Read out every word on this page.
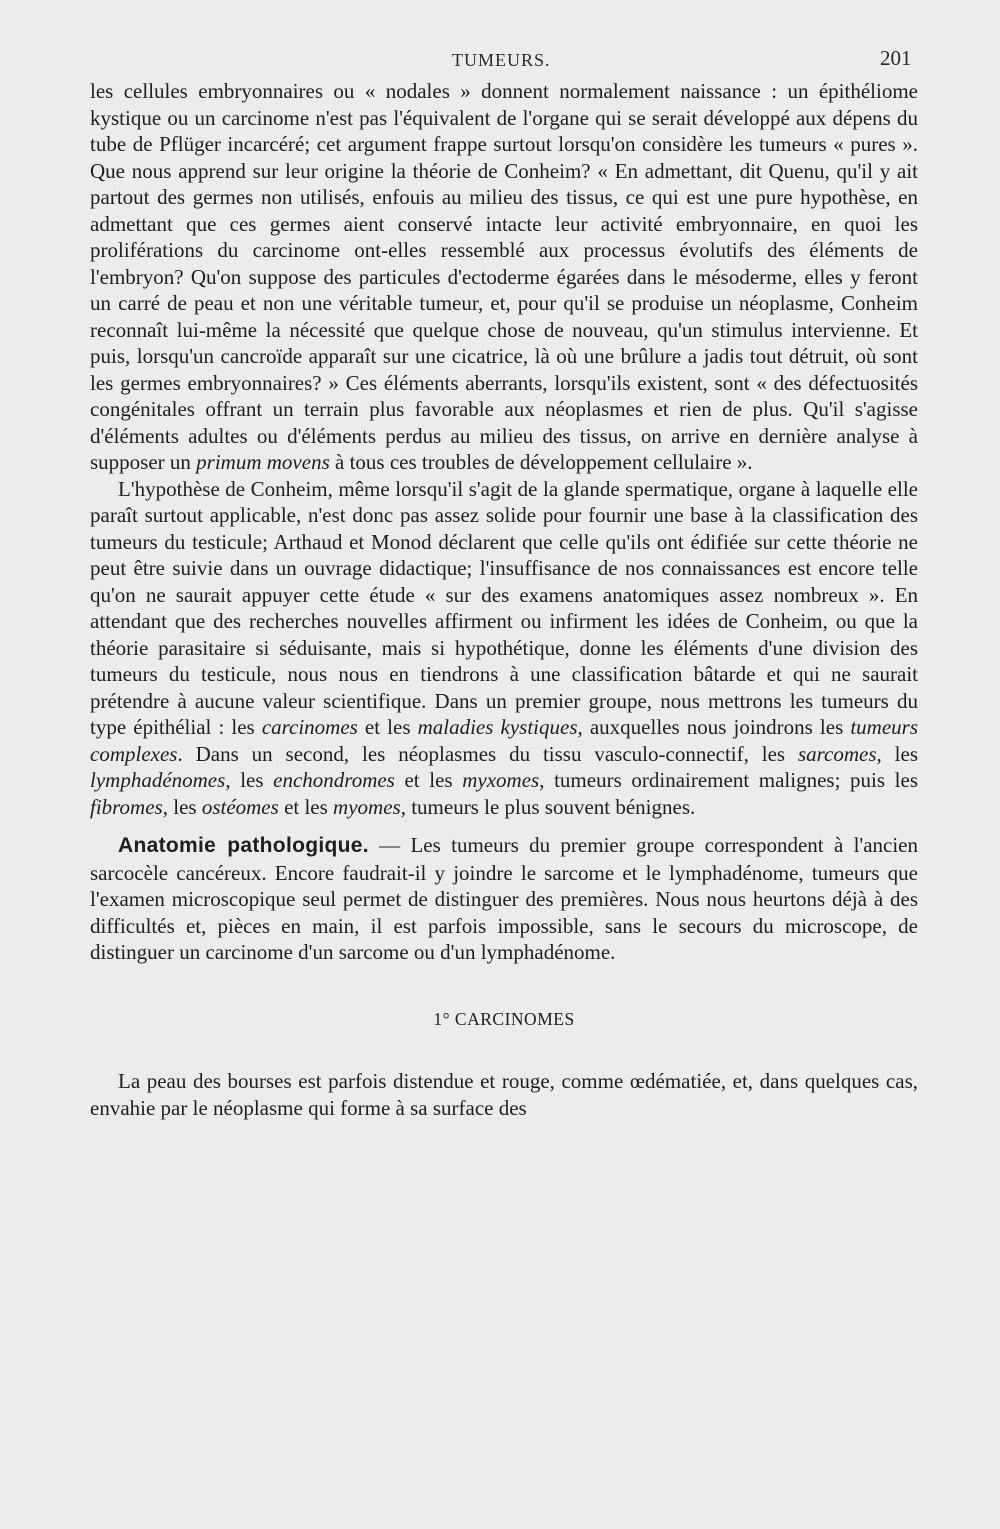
TUMEURS.	201

les cellules embryonnaires ou « nodales » donnent normalement naissance : un épithéliome kystique ou un carcinome n'est pas l'équivalent de l'organe qui se serait développé aux dépens du tube de Pflüger incarcéré; cet argument frappe surtout lorsqu'on considère les tumeurs « pures ». Que nous apprend sur leur origine la théorie de Conheim? « En admettant, dit Quenu, qu'il y ait partout des germes non utilisés, enfouis au milieu des tissus, ce qui est une pure hypothèse, en admettant que ces germes aient conservé intacte leur activité embryonnaire, en quoi les proliférations du carcinome ont-elles ressemblé aux processus évolutifs des éléments de l'embryon? Qu'on suppose des particules d'ectoderme égarées dans le mésoderme, elles y feront un carré de peau et non une véritable tumeur, et, pour qu'il se produise un néoplasme, Conheim reconnaît lui-même la nécessité que quelque chose de nouveau, qu'un stimulus intervienne. Et puis, lorsqu'un cancroïde apparaît sur une cicatrice, là où une brûlure a jadis tout détruit, où sont les germes embryonnaires? » Ces éléments aberrants, lorsqu'ils existent, sont « des défectuosités congénitales offrant un terrain plus favorable aux néoplasmes et rien de plus. Qu'il s'agisse d'éléments adultes ou d'éléments perdus au milieu des tissus, on arrive en dernière analyse à supposer un primum movens à tous ces troubles de développement cellulaire ».

L'hypothèse de Conheim, même lorsqu'il s'agit de la glande spermatique, organe à laquelle elle paraît surtout applicable, n'est donc pas assez solide pour fournir une base à la classification des tumeurs du testicule; Arthaud et Monod déclarent que celle qu'ils ont édifiée sur cette théorie ne peut être suivie dans un ouvrage didactique; l'insuffisance de nos connaissances est encore telle qu'on ne saurait appuyer cette étude « sur des examens anatomiques assez nombreux ». En attendant que des recherches nouvelles affirment ou infirment les idées de Conheim, ou que la théorie parasitaire si séduisante, mais si hypothétique, donne les éléments d'une division des tumeurs du testicule, nous nous en tiendrons à une classification bâtarde et qui ne saurait prétendre à aucune valeur scientifique. Dans un premier groupe, nous mettrons les tumeurs du type épithélial : les carcinomes et les maladies kystiques, auxquelles nous joindrons les tumeurs complexes. Dans un second, les néoplasmes du tissu vasculo-connectif, les sarcomes, les lymphadénomes, les enchondromes et les myxomes, tumeurs ordinairement malignes; puis les fibromes, les ostéomes et les myomes, tumeurs le plus souvent bénignes.

Anatomie pathologique. — Les tumeurs du premier groupe correspondent à l'ancien sarcocèle cancéreux. Encore faudrait-il y joindre le sarcome et le lymphadénome, tumeurs que l'examen microscopique seul permet de distinguer des premières. Nous nous heurtons déjà à des difficultés et, pièces en main, il est parfois impossible, sans le secours du microscope, de distinguer un carcinome d'un sarcome ou d'un lymphadénome.

1° CARCINOMES

La peau des bourses est parfois distendue et rouge, comme œdématiée, et, dans quelques cas, envahie par le néoplasme qui forme à sa surface des
